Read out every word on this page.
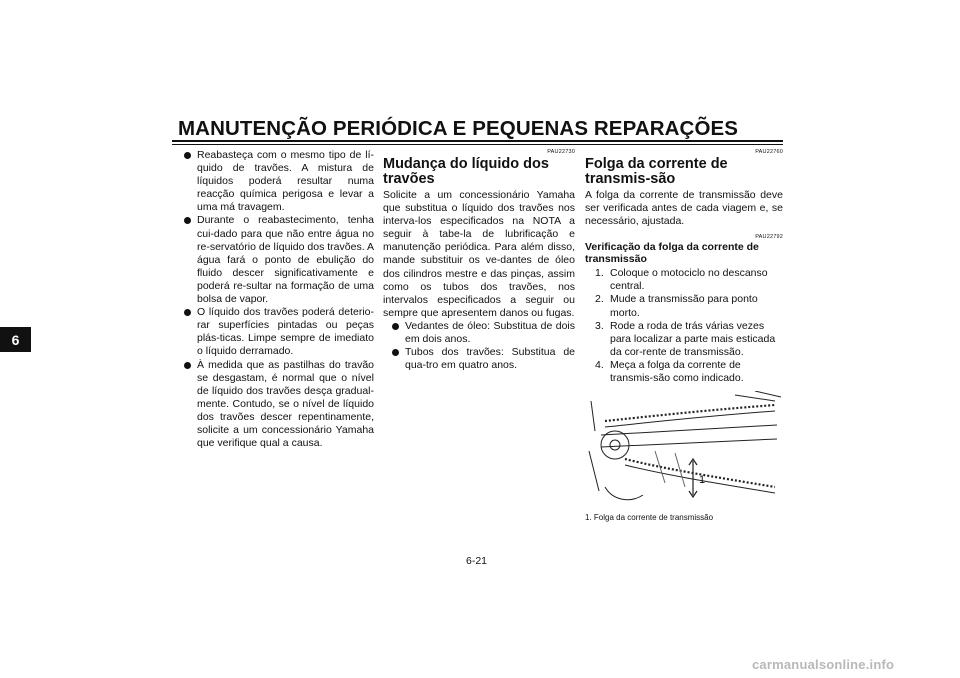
MANUTENÇÃO PERIÓDICA E PEQUENAS REPARAÇÕES
6
Reabasteça com o mesmo tipo de lí-quido de travões. A mistura de líquidos poderá resultar numa reacção química perigosa e levar a uma má travagem.
Durante o reabastecimento, tenha cui-dado para que não entre água no re-servatório de líquido dos travões. A água fará o ponto de ebulição do fluido descer significativamente e poderá re-sultar na formação de uma bolsa de vapor.
O líquido dos travões poderá deterio-rar superfícies pintadas ou peças plás-ticas. Limpe sempre de imediato o líquido derramado.
À medida que as pastilhas do travão se desgastam, é normal que o nível de líquido dos travões desça gradual-mente. Contudo, se o nível de líquido dos travões descer repentinamente, solicite a um concessionário Yamaha que verifique qual a causa.
PAU22730
Mudança do líquido dos travões
Solicite a um concessionário Yamaha que substitua o líquido dos travões nos interva-los especificados na NOTA a seguir à tabe-la de lubrificação e manutenção periódica. Para além disso, mande substituir os ve-dantes de óleo dos cilindros mestre e das pinças, assim como os tubos dos travões, nos intervalos especificados a seguir ou sempre que apresentem danos ou fugas.
Vedantes de óleo: Substitua de dois em dois anos.
Tubos dos travões: Substitua de qua-tro em quatro anos.
PAU22760
Folga da corrente de transmis-são
A folga da corrente de transmissão deve ser verificada antes de cada viagem e, se necessário, ajustada.
PAU22792
Verificação da folga da corrente de transmissão
1. Coloque o motociclo no descanso central.
2. Mude a transmissão para ponto morto.
3. Rode a roda de trás várias vezes para localizar a parte mais esticada da cor-rente de transmissão.
4. Meça a folga da corrente de transmis-são como indicado.
1
1. Folga da corrente de transmissão
6-21
carmanualsonline.info
